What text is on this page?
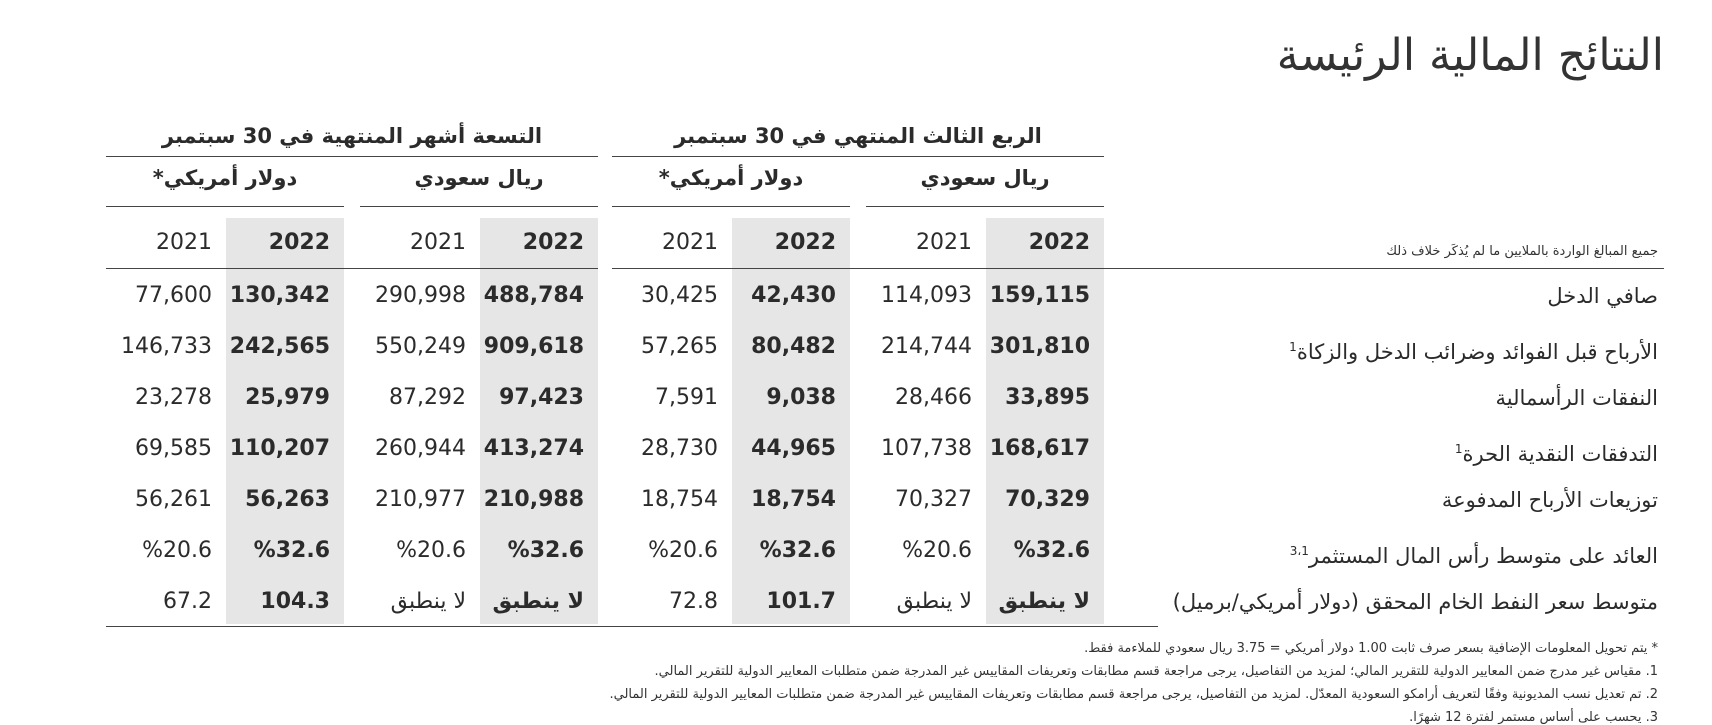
النتائج المالية الرئيسة
الربع الثالث المنتهي في 30 سبتمبر
التسعة أشهر المنتهية في 30 سبتمبر
ريال سعودي
دولار أمريكي*
ريال سعودي
دولار أمريكي*
2022
2021
2022
2021
2022
2021
2022
2021	جميع المبالغ الواردة بالملايين ما لم يُذكَر خلاف ذلك
صافي الدخل
159,115
114,093
42,430
30,425
488,784
290,998
130,342
77,600
الأرباح قبل الفوائد وضرائب الدخل والزكاة$^1$
301,810
214,744
80,482
57,265
909,618
550,249
242,565
146,733
النفقات الرأسمالية
33,895
28,466
9,038
7,591
97,423
87,292
25,979
23,278
التدفقات النقدية الحرة$^1$
168,617
107,738
44,965
28,730
413,274
260,944
110,207
69,585
توزيعات الأرباح المدفوعة
70,329
70,327
18,754
18,754
210,988
210,977
56,263
56,261
العائد على متوسط رأس المال المستثمر$^{3،1}$
%32.6
%20.6
%32.6
%20.6
%32.6
%20.6
%32.6
%20.6
متوسط سعر النفط الخام المحقق (دولار أمريكي/برميل)
لا ينطبق
لا ينطبق
101.7
72.8
لا ينطبق
لا ينطبق
104.3
67.2
* يتم تحويل المعلومات الإضافية بسعر صرف ثابت 1.00 دولار أمريكي = 3.75 ريال سعودي للملاءمة فقط.
1. مقياس غير مدرج ضمن المعايير الدولية للتقرير المالي؛ لمزيد من التفاصيل، يرجى مراجعة قسم مطابقات وتعريفات المقاييس غير المدرجة ضمن متطلبات المعايير الدولية للتقرير المالي.
2. تم تعديل نسب المديونية وفقًا لتعريف أرامكو السعودية المعدّل. لمزيد من التفاصيل، يرجى مراجعة قسم مطابقات وتعريفات المقاييس غير المدرجة ضمن متطلبات المعايير الدولية للتقرير المالي.
3. يحسب على أساس مستمر لفترة 12 شهرًا.
